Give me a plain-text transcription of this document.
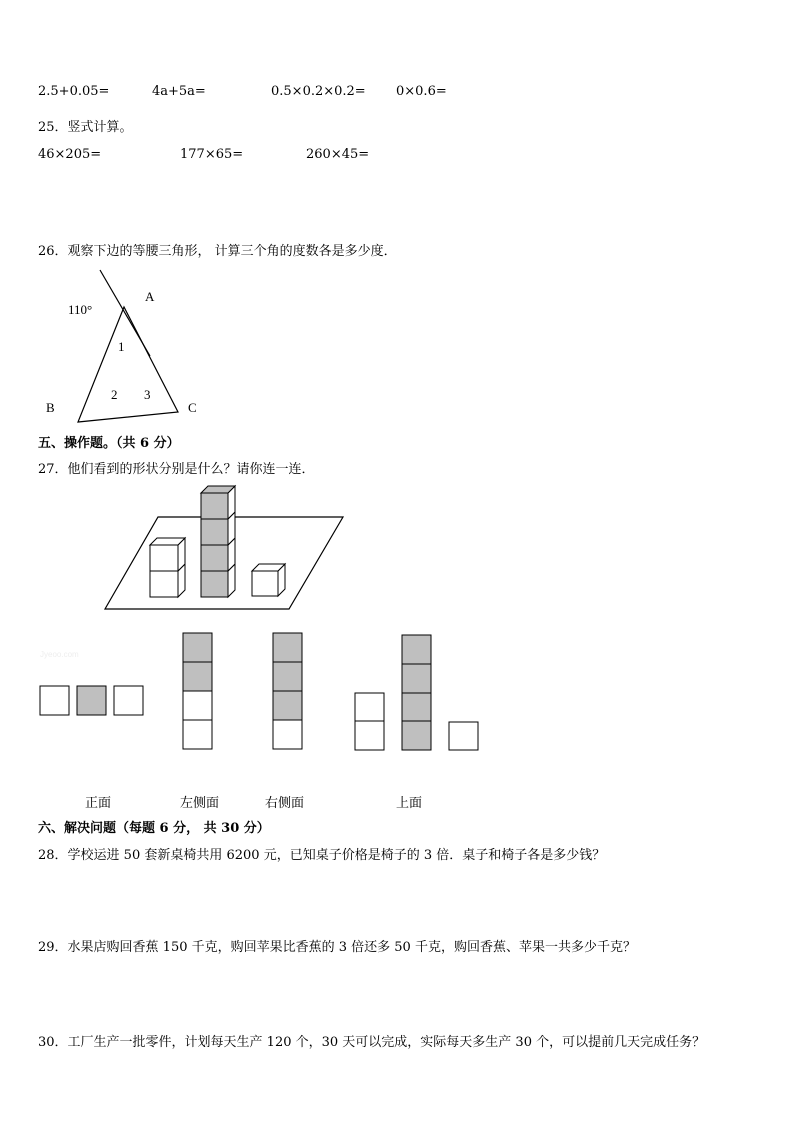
2.5+0.05=	4a+5a=	0.5×0.2×0.2= 0×0.6=
25．竖式计算。
46×205=	177×65=	260×45=
26．观察下边的等腰三角形， 计算三个角的度数各是多少度．
110°
A
B	C
1
2 3
五、操作题。（共 6 分）
27．他们看到的形状分别是什么？请你连一连．
Jyeoo.com
正面	左侧面	右侧面	上面
六、解决问题（每题 6 分， 共 30 分）
28．学校运进 50 套新桌椅共用 6200 元，已知桌子价格是椅子的 3 倍．桌子和椅子各是多少钱？
29．水果店购回香蕉 150 千克，购回苹果比香蕉的 3 倍还多 50 千克，购回香蕉、苹果一共多少千克？
30．工厂生产一批零件，计划每天生产 120 个，30 天可以完成，实际每天多生产 30 个，可以提前几天完成任务？
